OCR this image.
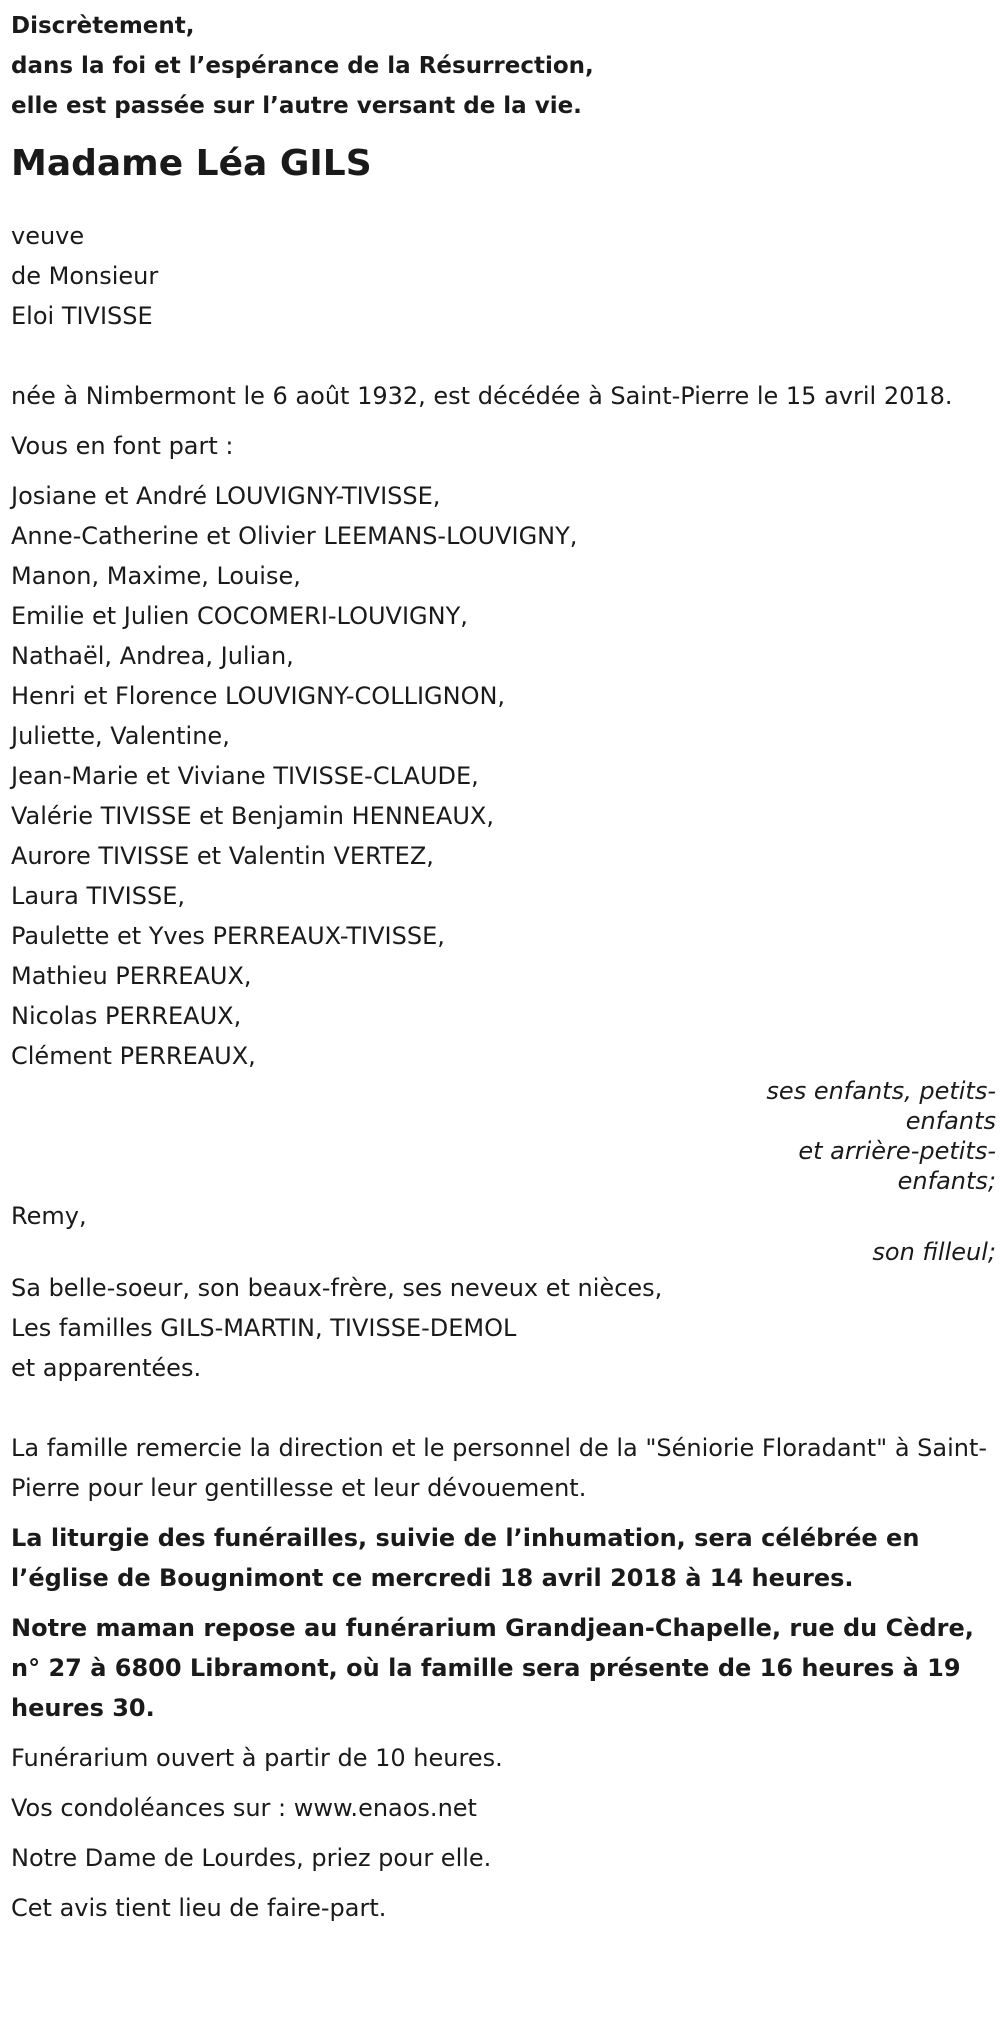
Discrètement,
dans la foi et l’espérance de la Résurrection,
elle est passée sur l’autre versant de la vie.
Madame Léa GILS
veuve
de Monsieur
Eloi TIVISSE
née à Nimbermont le 6 août 1932, est décédée à Saint-Pierre le 15 avril 2018.
Vous en font part :
Josiane et André LOUVIGNY-TIVISSE,
Anne-Catherine et Olivier LEEMANS-LOUVIGNY,
Manon, Maxime, Louise,
Emilie et Julien COCOMERI-LOUVIGNY,
Nathaël, Andrea, Julian,
Henri et Florence LOUVIGNY-COLLIGNON,
Juliette, Valentine,
Jean-Marie et Viviane TIVISSE-CLAUDE,
Valérie TIVISSE et Benjamin HENNEAUX,
Aurore TIVISSE et Valentin VERTEZ,
Laura TIVISSE,
Paulette et Yves PERREAUX-TIVISSE,
Mathieu PERREAUX,
Nicolas PERREAUX,
Clément PERREAUX,
ses enfants, petits-
enfants
et arrière-petits-
enfants;
Remy,
son filleul;
Sa belle-soeur, son beaux-frère, ses neveux et nièces,
Les familles GILS-MARTIN, TIVISSE-DEMOL
et apparentées.
La famille remercie la direction et le personnel de la "Séniorie Floradant" à Saint-Pierre pour leur gentillesse et leur dévouement.
La liturgie des funérailles, suivie de l’inhumation, sera célébrée en l’église de Bougnimont ce mercredi 18 avril 2018 à 14 heures.
Notre maman repose au funérarium Grandjean-Chapelle, rue du Cèdre, n° 27 à 6800 Libramont, où la famille sera présente de 16 heures à 19 heures 30.
Funérarium ouvert à partir de 10 heures.
Vos condoléances sur : www.enaos.net
Notre Dame de Lourdes, priez pour elle.
Cet avis tient lieu de faire-part.
